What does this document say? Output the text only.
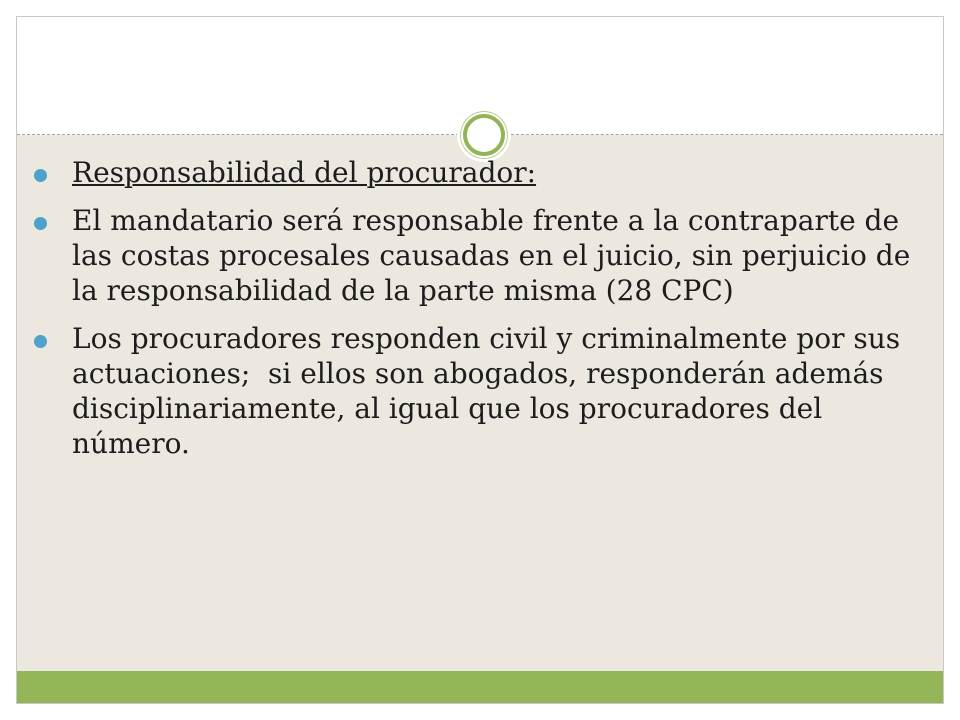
Responsabilidad del procurador:
El mandatario será responsable frente a la contraparte de las costas procesales causadas en el juicio, sin perjuicio de la responsabilidad de la parte misma (28 CPC)
Los procuradores responden civil y criminalmente por sus actuaciones;  si ellos son abogados, responderán además disciplinariamente, al igual que los procuradores del número.
